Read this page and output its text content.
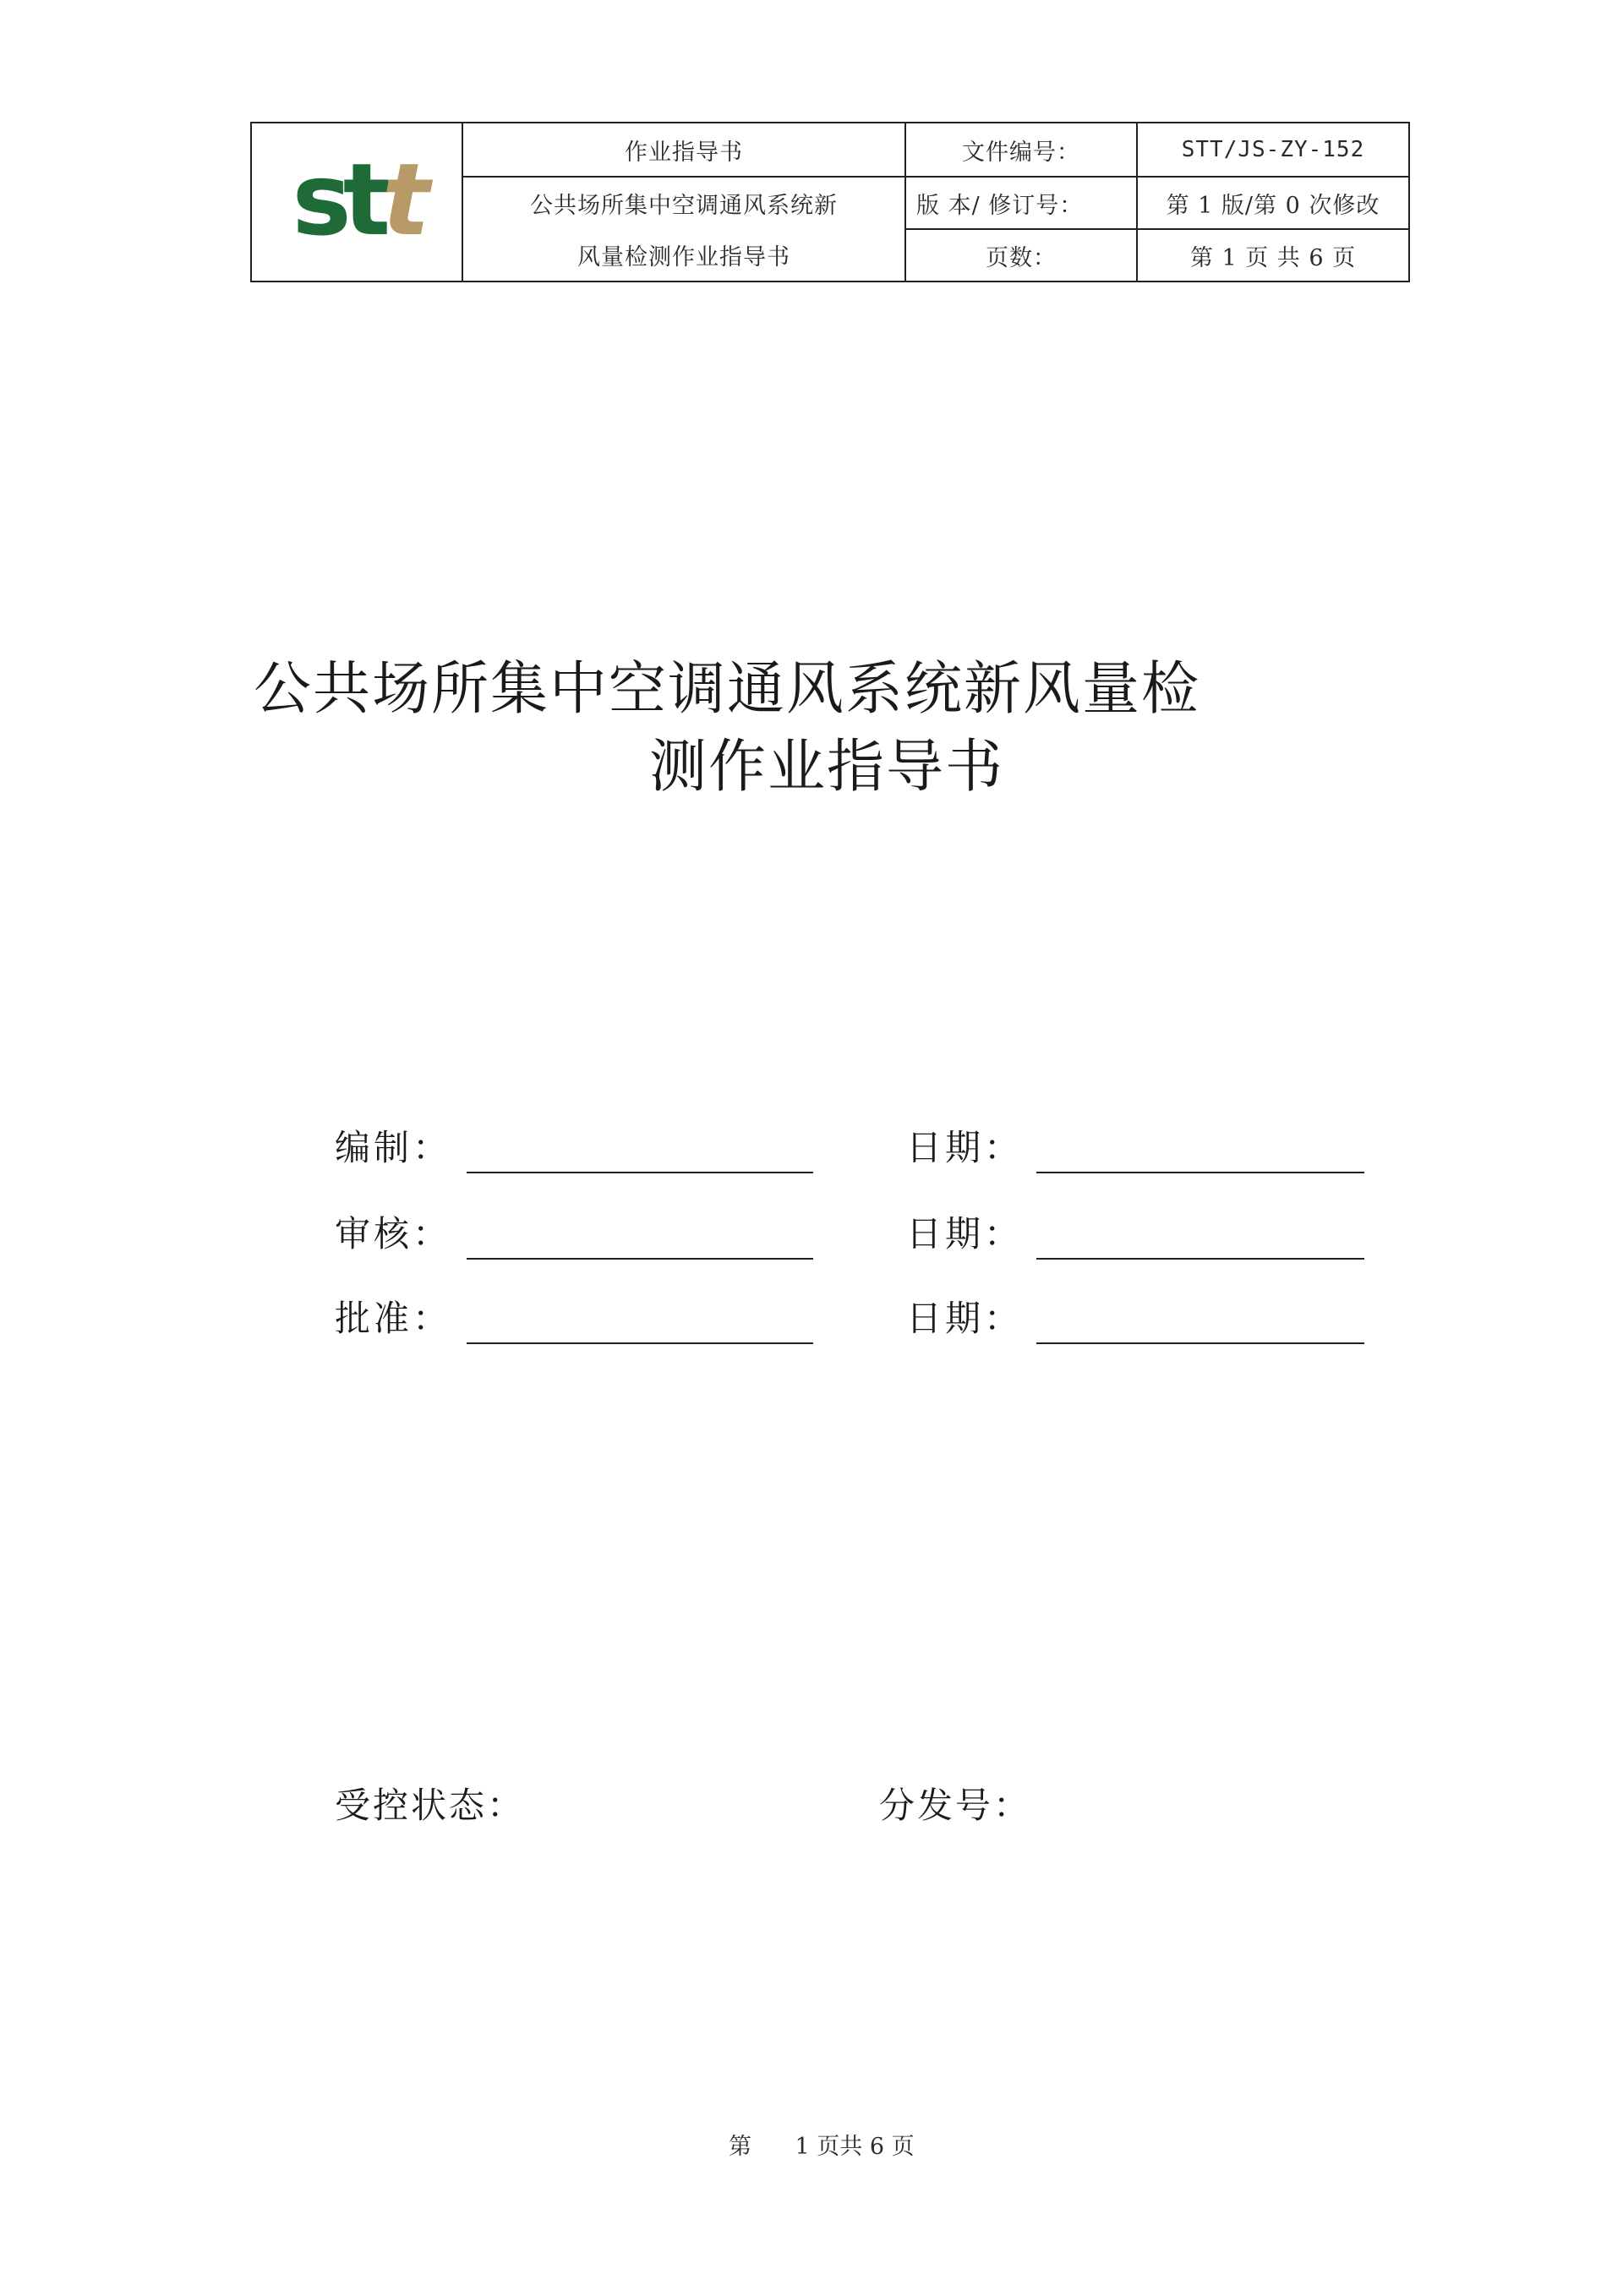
stt	作业指导书	文件编号：	STT/JS-ZY-152
公共场所集中空调通风系统新
风量检测作业指导书
版 本/ 修订号：	第 1 版/第 0 次修改
页数：	第 1 页 共 6 页
公共场所集中空调通风系统新风量检
测作业指导书
编制：	日期：
审核：	日期：
批准：	日期：
受控状态：	分发号：
第      1 页共 6 页
